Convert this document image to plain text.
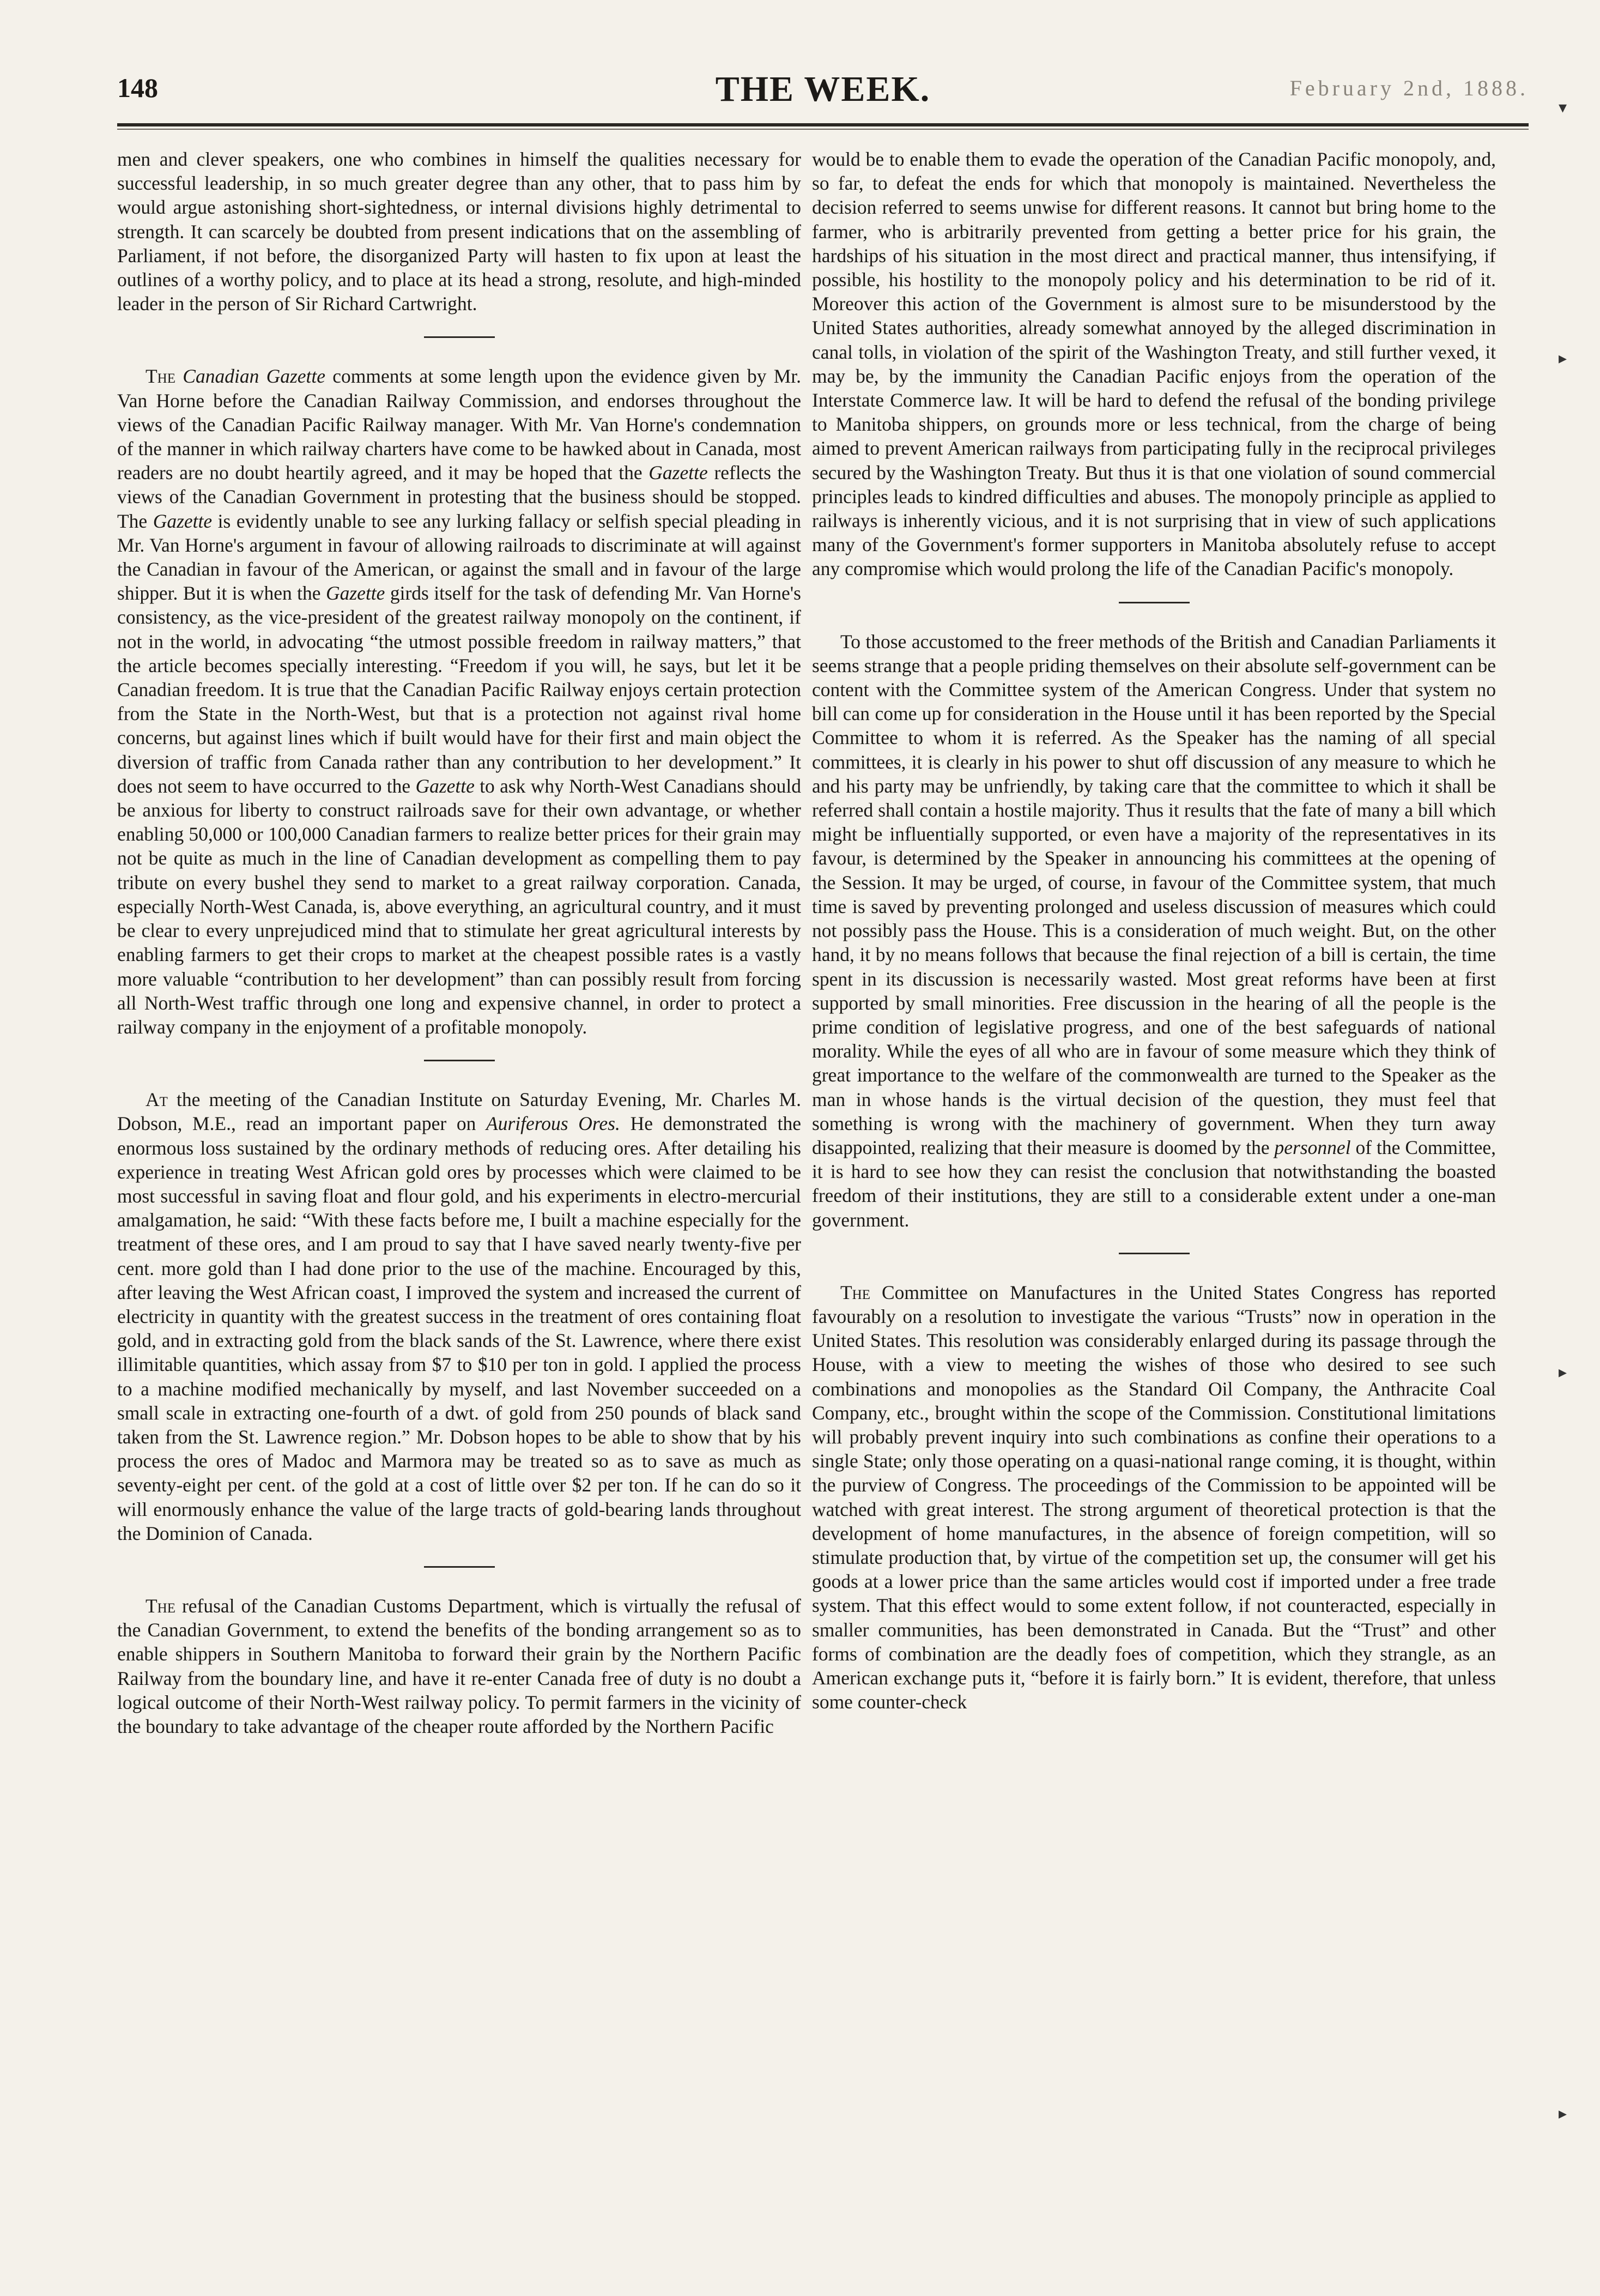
148	THE WEEK.	February 2nd, 1888.

men and clever speakers, one who combines in himself the qualities necessary for successful leadership, in so much greater degree than any other, that to pass him by would argue astonishing short-sightedness, or internal divisions highly detrimental to strength. It can scarcely be doubted from present indications that on the assembling of Parliament, if not before, the disorganized Party will hasten to fix upon at least the outlines of a worthy policy, and to place at its head a strong, resolute, and high-minded leader in the person of Sir Richard Cartwright.

The Canadian Gazette comments at some length upon the evidence given by Mr. Van Horne before the Canadian Railway Commission, and endorses throughout the views of the Canadian Pacific Railway manager. With Mr. Van Horne's condemnation of the manner in which railway charters have come to be hawked about in Canada, most readers are no doubt heartily agreed, and it may be hoped that the Gazette reflects the views of the Canadian Government in protesting that the business should be stopped. The Gazette is evidently unable to see any lurking fallacy or selfish special pleading in Mr. Van Horne's argument in favour of allowing railroads to discriminate at will against the Canadian in favour of the American, or against the small and in favour of the large shipper. But it is when the Gazette girds itself for the task of defending Mr. Van Horne's consistency, as the vice-president of the greatest railway monopoly on the continent, if not in the world, in advocating “the utmost possible freedom in railway matters,” that the article becomes specially interesting. “Freedom if you will, he says, but let it be Canadian freedom. It is true that the Canadian Pacific Railway enjoys certain protection from the State in the North-West, but that is a protection not against rival home concerns, but against lines which if built would have for their first and main object the diversion of traffic from Canada rather than any contribution to her development.” It does not seem to have occurred to the Gazette to ask why North-West Canadians should be anxious for liberty to construct railroads save for their own advantage, or whether enabling 50,000 or 100,000 Canadian farmers to realize better prices for their grain may not be quite as much in the line of Canadian development as compelling them to pay tribute on every bushel they send to market to a great railway corporation. Canada, especially North-West Canada, is, above everything, an agricultural country, and it must be clear to every unprejudiced mind that to stimulate her great agricultural interests by enabling farmers to get their crops to market at the cheapest possible rates is a vastly more valuable “contribution to her development” than can possibly result from forcing all North-West traffic through one long and expensive channel, in order to protect a railway company in the enjoyment of a profitable monopoly.

At the meeting of the Canadian Institute on Saturday Evening, Mr. Charles M. Dobson, M.E., read an important paper on Auriferous Ores. He demonstrated the enormous loss sustained by the ordinary methods of reducing ores. After detailing his experience in treating West African gold ores by processes which were claimed to be most successful in saving float and flour gold, and his experiments in electro-mercurial amalgamation, he said: “With these facts before me, I built a machine especially for the treatment of these ores, and I am proud to say that I have saved nearly twenty-five per cent. more gold than I had done prior to the use of the machine. Encouraged by this, after leaving the West African coast, I improved the system and increased the current of electricity in quantity with the greatest success in the treatment of ores containing float gold, and in extracting gold from the black sands of the St. Lawrence, where there exist illimitable quantities, which assay from $7 to $10 per ton in gold. I applied the process to a machine modified mechanically by myself, and last November succeeded on a small scale in extracting one-fourth of a dwt. of gold from 250 pounds of black sand taken from the St. Lawrence region.” Mr. Dobson hopes to be able to show that by his process the ores of Madoc and Marmora may be treated so as to save as much as seventy-eight per cent. of the gold at a cost of little over $2 per ton. If he can do so it will enormously enhance the value of the large tracts of gold-bearing lands throughout the Dominion of Canada.

The refusal of the Canadian Customs Department, which is virtually the refusal of the Canadian Government, to extend the benefits of the bonding arrangement so as to enable shippers in Southern Manitoba to forward their grain by the Northern Pacific Railway from the boundary line, and have it re-enter Canada free of duty is no doubt a logical outcome of their North-West railway policy. To permit farmers in the vicinity of the boundary to take advantage of the cheaper route afforded by the Northern Pacific

would be to enable them to evade the operation of the Canadian Pacific monopoly, and, so far, to defeat the ends for which that monopoly is maintained. Nevertheless the decision referred to seems unwise for different reasons. It cannot but bring home to the farmer, who is arbitrarily prevented from getting a better price for his grain, the hardships of his situation in the most direct and practical manner, thus intensifying, if possible, his hostility to the monopoly policy and his determination to be rid of it. Moreover this action of the Government is almost sure to be misunderstood by the United States authorities, already somewhat annoyed by the alleged discrimination in canal tolls, in violation of the spirit of the Washington Treaty, and still further vexed, it may be, by the immunity the Canadian Pacific enjoys from the operation of the Interstate Commerce law. It will be hard to defend the refusal of the bonding privilege to Manitoba shippers, on grounds more or less technical, from the charge of being aimed to prevent American railways from participating fully in the reciprocal privileges secured by the Washington Treaty. But thus it is that one violation of sound commercial principles leads to kindred difficulties and abuses. The monopoly principle as applied to railways is inherently vicious, and it is not surprising that in view of such applications many of the Government's former supporters in Manitoba absolutely refuse to accept any compromise which would prolong the life of the Canadian Pacific's monopoly.

To those accustomed to the freer methods of the British and Canadian Parliaments it seems strange that a people priding themselves on their absolute self-government can be content with the Committee system of the American Congress. Under that system no bill can come up for consideration in the House until it has been reported by the Special Committee to whom it is referred. As the Speaker has the naming of all special committees, it is clearly in his power to shut off discussion of any measure to which he and his party may be unfriendly, by taking care that the committee to which it shall be referred shall contain a hostile majority. Thus it results that the fate of many a bill which might be influentially supported, or even have a majority of the representatives in its favour, is determined by the Speaker in announcing his committees at the opening of the Session. It may be urged, of course, in favour of the Committee system, that much time is saved by preventing prolonged and useless discussion of measures which could not possibly pass the House. This is a consideration of much weight. But, on the other hand, it by no means follows that because the final rejection of a bill is certain, the time spent in its discussion is necessarily wasted. Most great reforms have been at first supported by small minorities. Free discussion in the hearing of all the people is the prime condition of legislative progress, and one of the best safeguards of national morality. While the eyes of all who are in favour of some measure which they think of great importance to the welfare of the commonwealth are turned to the Speaker as the man in whose hands is the virtual decision of the question, they must feel that something is wrong with the machinery of government. When they turn away disappointed, realizing that their measure is doomed by the personnel of the Committee, it is hard to see how they can resist the conclusion that notwithstanding the boasted freedom of their institutions, they are still to a considerable extent under a one-man government.

The Committee on Manufactures in the United States Congress has reported favourably on a resolution to investigate the various “Trusts” now in operation in the United States. This resolution was considerably enlarged during its passage through the House, with a view to meeting the wishes of those who desired to see such combinations and monopolies as the Standard Oil Company, the Anthracite Coal Company, etc., brought within the scope of the Commission. Constitutional limitations will probably prevent inquiry into such combinations as confine their operations to a single State; only those operating on a quasi-national range coming, it is thought, within the purview of Congress. The proceedings of the Commission to be appointed will be watched with great interest. The strong argument of theoretical protection is that the development of home manufactures, in the absence of foreign competition, will so stimulate production that, by virtue of the competition set up, the consumer will get his goods at a lower price than the same articles would cost if imported under a free trade system. That this effect would to some extent follow, if not counteracted, especially in smaller communities, has been demonstrated in Canada. But the “Trust” and other forms of combination are the deadly foes of competition, which they strangle, as an American exchange puts it, “before it is fairly born.” It is evident, therefore, that unless some counter-check

▾
▸
▸
▸
